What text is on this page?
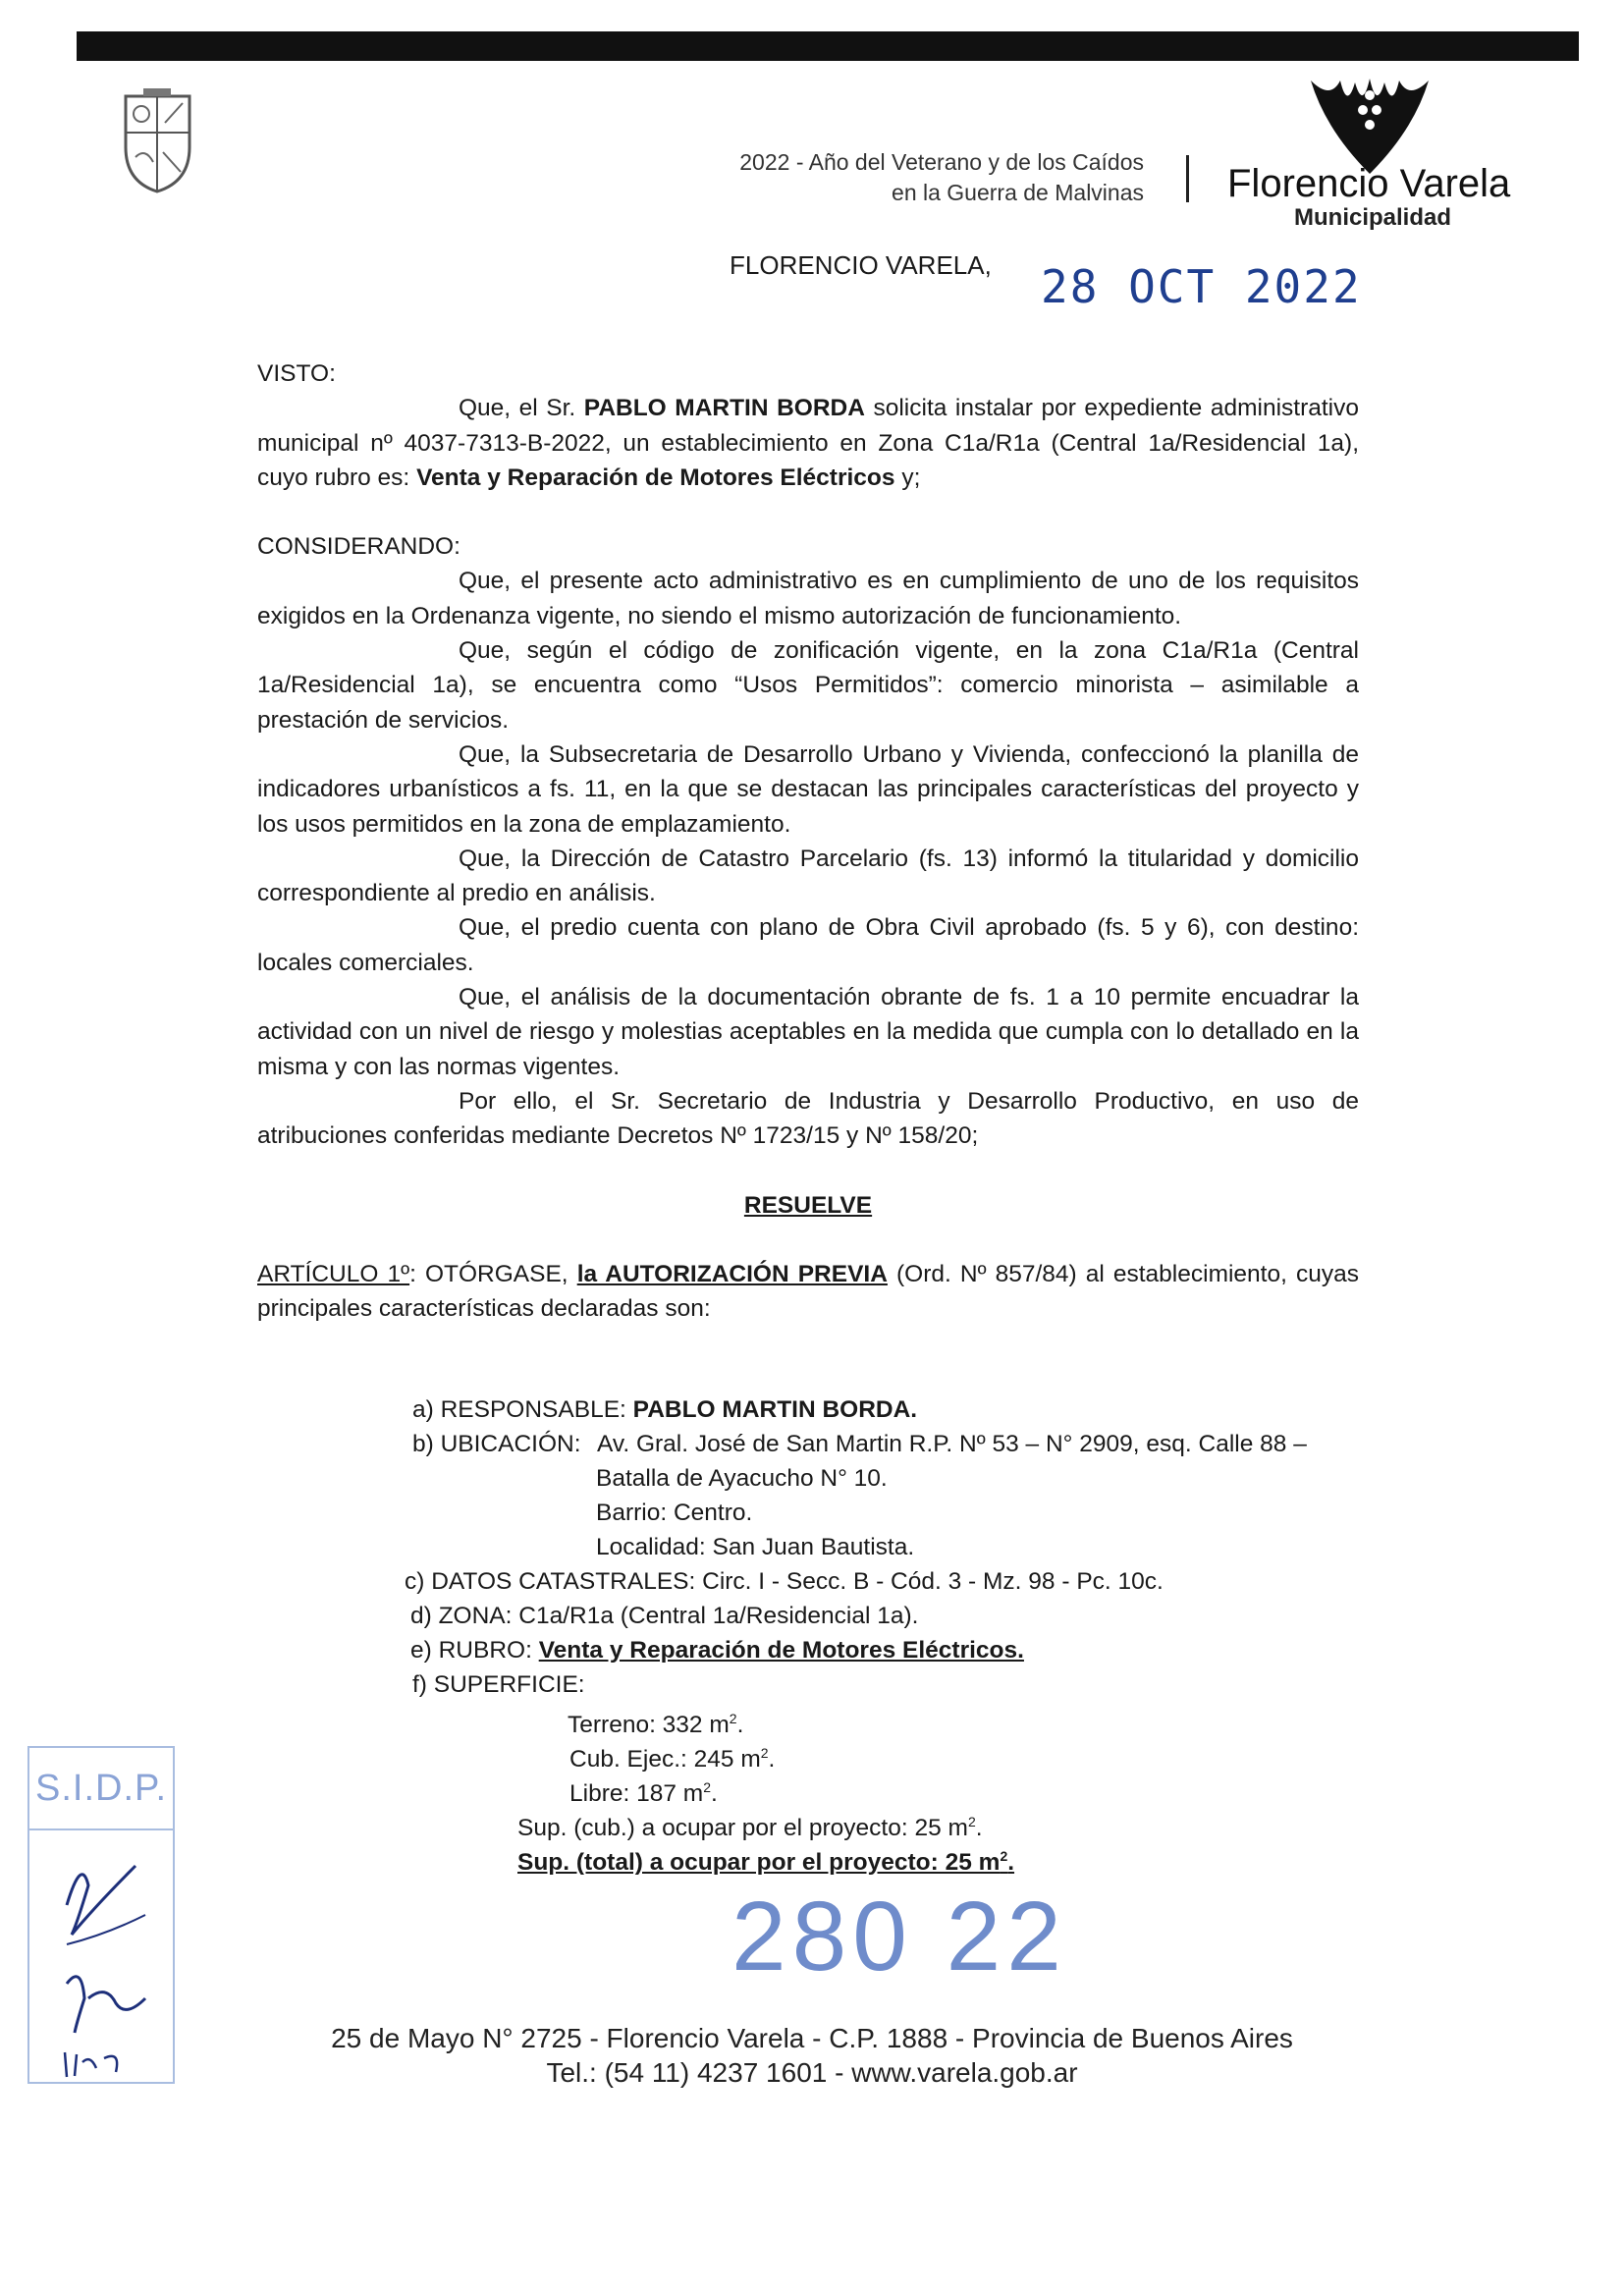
2022 - Año del Veterano y de los Caídos
en la Guerra de Malvinas Florencio Varela
Municipalidad
FLORENCIO VARELA, 28 OCT 2022

VISTO:

Que, el Sr. PABLO MARTIN BORDA solicita instalar por expediente administrativo municipal nº 4037-7313-B-2022, un establecimiento en Zona C1a/R1a (Central 1a/Residencial 1a), cuyo rubro es: Venta y Reparación de Motores Eléctricos y;

CONSIDERANDO:

Que, el presente acto administrativo es en cumplimiento de uno de los requisitos exigidos en la Ordenanza vigente, no siendo el mismo autorización de funcionamiento.

Que, según el código de zonificación vigente, en la zona C1a/R1a (Central 1a/Residencial 1a), se encuentra como “Usos Permitidos”: comercio minorista – asimilable a prestación de servicios.

Que, la Subsecretaria de Desarrollo Urbano y Vivienda, confeccionó la planilla de indicadores urbanísticos a fs. 11, en la que se destacan las principales características del proyecto y los usos permitidos en la zona de emplazamiento.

Que, la Dirección de Catastro Parcelario (fs. 13) informó la titularidad y domicilio correspondiente al predio en análisis.

Que, el predio cuenta con plano de Obra Civil aprobado (fs. 5 y 6), con destino: locales comerciales.

Que, el análisis de la documentación obrante de fs. 1 a 10 permite encuadrar la actividad con un nivel de riesgo y molestias aceptables en la medida que cumpla con lo detallado en la misma y con las normas vigentes.

Por ello, el Sr. Secretario de Industria y Desarrollo Productivo, en uso de atribuciones conferidas mediante Decretos Nº 1723/15 y Nº 158/20;

RESUELVE

ARTÍCULO 1º: OTÓRGASE, la AUTORIZACIÓN PREVIA (Ord. Nº 857/84) al establecimiento, cuyas principales características declaradas son:

a) RESPONSABLE: PABLO MARTIN BORDA.
b) UBICACIÓN: Av. Gral. José de San Martin R.P. Nº 53 – N° 2909, esq. Calle 88 –
Batalla de Ayacucho N° 10.
Barrio: Centro.
Localidad: San Juan Bautista.
c) DATOS CATASTRALES: Circ. I - Secc. B - Cód. 3 - Mz. 98 - Pc. 10c.
d) ZONA: C1a/R1a (Central 1a/Residencial 1a).
e) RUBRO: Venta y Reparación de Motores Eléctricos.
f) SUPERFICIE:
Terreno: 332 $m^2$.
Cub. Ejec.: 245 $m^2$.
Libre: 187 $m^2$.
Sup. (cub.) a ocupar por el proyecto: 25 $m^2$.
Sup. (total) a ocupar por el proyecto: 25 $m^2$.
S.I.D.P.
280 22
25 de Mayo N° 2725 - Florencio Varela - C.P. 1888 - Provincia de Buenos Aires
Tel.: (54 11) 4237 1601 - www.varela.gob.ar
